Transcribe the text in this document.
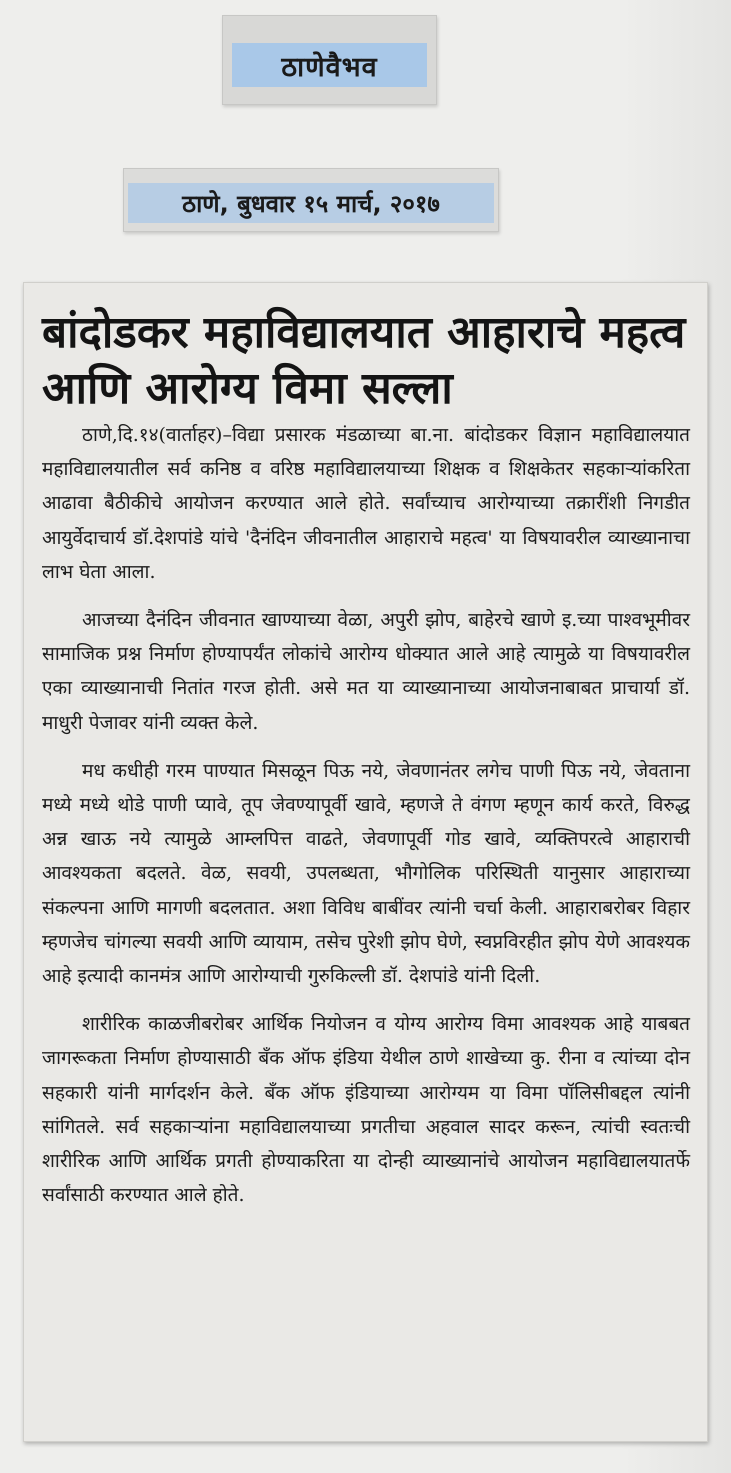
ठाणेवैभव
ठाणे, बुधवार १५ मार्च, २०१७
बांदोडकर महाविद्यालयात आहाराचे महत्व आणि आरोग्य विमा सल्ला

ठाणे,दि.१४(वार्ताहर)–विद्या प्रसारक मंडळाच्या बा.ना. बांदोडकर विज्ञान महाविद्यालयात महाविद्यालयातील सर्व कनिष्ठ व वरिष्ठ महाविद्यालयाच्या शिक्षक व शिक्षकेतर सहकाऱ्यांकरिता आढावा बैठीकीचे आयोजन करण्यात आले होते. सर्वांच्याच आरोग्याच्या तक्रारींशी निगडीत आयुर्वेदाचार्य डॉ.देशपांडे यांचे 'दैनंदिन जीवनातील आहाराचे महत्व' या विषयावरील व्याख्यानाचा लाभ घेता आला.

आजच्या दैनंदिन जीवनात खाण्याच्या वेळा, अपुरी झोप, बाहेरचे खाणे इ.च्या पाश्वभूमीवर सामाजिक प्रश्न निर्माण होण्यापर्यंत लोकांचे आरोग्य धोक्यात आले आहे त्यामुळे या विषयावरील एका व्याख्यानाची नितांत गरज होती. असे मत या व्याख्यानाच्या आयोजनाबाबत प्राचार्या डॉ. माधुरी पेजावर यांनी व्यक्त केले.

मध कधीही गरम पाण्यात मिसळून पिऊ नये, जेवणानंतर लगेच पाणी पिऊ नये, जेवताना मध्ये मध्ये थोडे पाणी प्यावे, तूप जेवण्यापूर्वी खावे, म्हणजे ते वंगण म्हणून कार्य करते, विरुद्ध अन्न खाऊ नये त्यामुळे आम्लपित्त वाढते, जेवणापूर्वी गोड खावे, व्यक्तिपरत्वे आहाराची आवश्यकता बदलते. वेळ, सवयी, उपलब्धता, भौगोलिक परिस्थिती यानुसार आहाराच्या संकल्पना आणि मागणी बदलतात. अशा विविध बाबींवर त्यांनी चर्चा केली. आहाराबरोबर विहार म्हणजेच चांगल्या सवयी आणि व्यायाम, तसेच पुरेशी झोप घेणे, स्वप्नविरहीत झोप येणे आवश्यक आहे इत्यादी कानमंत्र आणि आरोग्याची गुरुकिल्ली डॉ. देशपांडे यांनी दिली.

शारीरिक काळजीबरोबर आर्थिक नियोजन व योग्य आरोग्य विमा आवश्यक आहे याबबत जागरूकता निर्माण होण्यासाठी बँक ऑफ इंडिया येथील ठाणे शाखेच्या कु. रीना व त्यांच्या दोन सहकारी यांनी मार्गदर्शन केले. बँक ऑफ इंडियाच्या आरोग्यम या विमा पॉलिसीबद्दल त्यांनी सांगितले. सर्व सहकाऱ्यांना महाविद्यालयाच्या प्रगतीचा अहवाल सादर करून, त्यांची स्वतःची शारीरिक आणि आर्थिक प्रगती होण्याकरिता या दोन्ही व्याख्यानांचे आयोजन महाविद्यालयातर्फे सर्वांसाठी करण्यात आले होते.
